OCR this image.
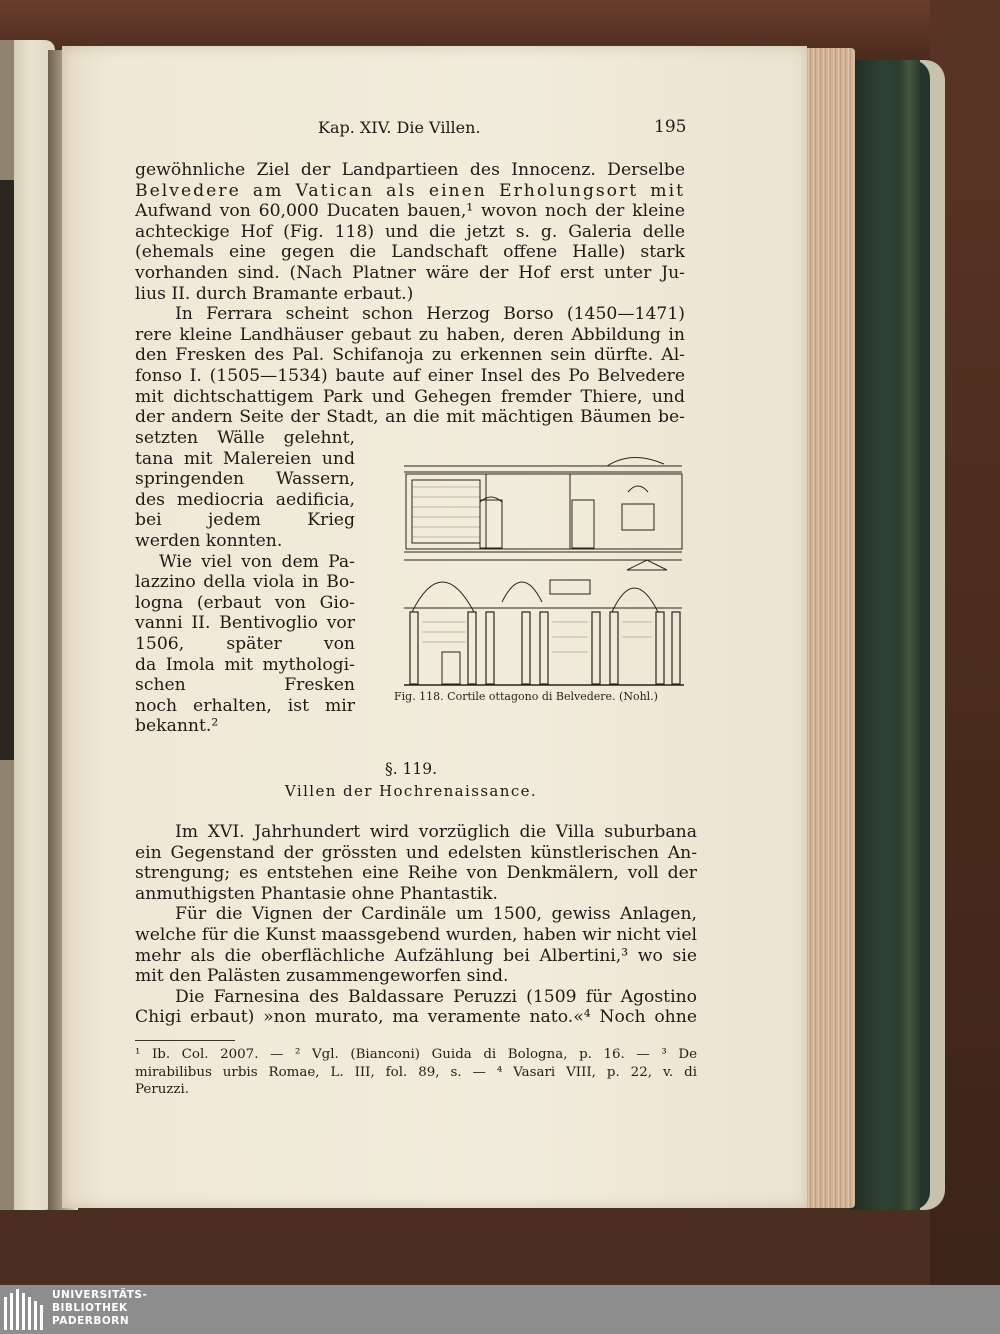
Kap. XIV. Die Villen.	195
gewöhnliche Ziel der Landpartieen des Innocenz. Derselbe
Belvedere am Vatican als einen Erholungsort mit
Aufwand von 60,000 Ducaten bauen,¹ wovon noch der kleine
achteckige Hof (Fig. 118) und die jetzt s. g. Galeria delle
(ehemals eine gegen die Landschaft offene Halle) stark
vorhanden sind. (Nach Platner wäre der Hof erst unter Ju-
lius II. durch Bramante erbaut.)
In Ferrara scheint schon Herzog Borso (1450—1471)
rere kleine Landhäuser gebaut zu haben, deren Abbildung in
den Fresken des Pal. Schifanoja zu erkennen sein dürfte. Al-
fonso I. (1505—1534) baute auf einer Insel des Po Belvedere
mit dichtschattigem Park und Gehegen fremder Thiere, und
der andern Seite der Stadt, an die mit mächtigen Bäumen be-
setzten Wälle gelehnt,
tana mit Malereien und
springenden Wassern,
des mediocria aedificia,
bei jedem Krieg
werden konnten.
Wie viel von dem Pa-
lazzino della viola in Bo-
logna (erbaut von Gio-
vanni II. Bentivoglio vor
1506, später von
da Imola mit mythologi-
schen Fresken
noch erhalten, ist mir
bekannt.²
Fig. 118. Cortile ottagono di Belvedere. (Nohl.)
§. 119.
Villen der Hochrenaissance.
Im XVI. Jahrhundert wird vorzüglich die Villa suburbana
ein Gegenstand der grössten und edelsten künstlerischen An-
strengung; es entstehen eine Reihe von Denkmälern, voll der
anmuthigsten Phantasie ohne Phantastik.
Für die Vignen der Cardinäle um 1500, gewiss Anlagen,
welche für die Kunst maassgebend wurden, haben wir nicht viel
mehr als die oberflächliche Aufzählung bei Albertini,³ wo sie
mit den Palästen zusammengeworfen sind.
Die Farnesina des Baldassare Peruzzi (1509 für Agostino
Chigi erbaut) »non murato, ma veramente nato.«⁴ Noch ohne
¹ Ib. Col. 2007. — ² Vgl. (Bianconi) Guida di Bologna, p. 16. — ³ De
mirabilibus urbis Romae, L. III, fol. 89, s. — ⁴ Vasari VIII, p. 22, v. di
Peruzzi.
UNIVERSITÄTS-
BIBLIOTHEK
PADERBORN
